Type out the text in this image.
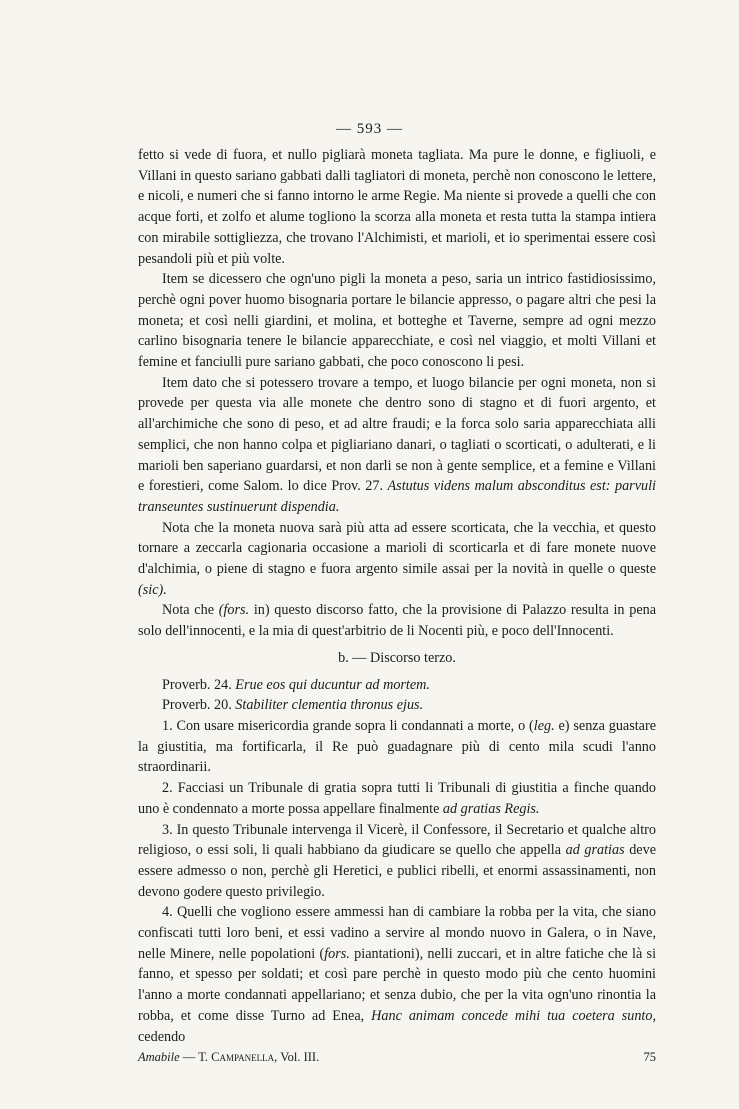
— 593 —

fetto si vede di fuora, et nullo pigliarà moneta tagliata. Ma pure le donne, e figliuoli, e Villani in questo sariano gabbati dalli tagliatori di moneta, perchè non conoscono le lettere, e nicoli, e numeri che si fanno intorno le arme Regie. Ma niente si provede a quelli che con acque forti, et zolfo et alume togliono la scorza alla moneta et resta tutta la stampa intiera con mirabile sottigliezza, che trovano l'Alchimisti, et marioli, et io sperimentai essere così pesandoli più et più volte.

Item se dicessero che ogn'uno pigli la moneta a peso, saria un intrico fastidiosissimo, perchè ogni pover huomo bisognaria portare le bilancie appresso, o pagare altri che pesi la moneta; et così nelli giardini, et molina, et botteghe et Taverne, sempre ad ogni mezzo carlino bisognaria tenere le bilancie apparecchiate, e così nel viaggio, et molti Villani et femine et fanciulli pure sariano gabbati, che poco conoscono li pesi.

Item dato che si potessero trovare a tempo, et luogo bilancie per ogni moneta, non si provede per questa via alle monete che dentro sono di stagno et di fuori argento, et all'archimiche che sono di peso, et ad altre fraudi; e la forca solo saria apparecchiata alli semplici, che non hanno colpa et pigliariano danari, o tagliati o scorticati, o adulterati, e li marioli ben saperiano guardarsi, et non darli se non à gente semplice, et a femine e Villani e forestieri, come Salom. lo dice Prov. 27. Astutus videns malum absconditus est: parvuli transeuntes sustinuerunt dispendia.

Nota che la moneta nuova sarà più atta ad essere scorticata, che la vecchia, et questo tornare a zeccarla cagionaria occasione a marioli di scorticarla et di fare monete nuove d'alchimia, o piene di stagno e fuora argento simile assai per la novità in quelle o queste (sic).

Nota che (fors. in) questo discorso fatto, che la provisione di Palazzo resulta in pena solo dell'innocenti, e la mia di quest'arbitrio de li Nocenti più, e poco dell'Innocenti.

b. — Discorso terzo.

Proverb. 24. Erue eos qui ducuntur ad mortem.

Proverb. 20. Stabiliter clementia thronus ejus.

1. Con usare misericordia grande sopra li condannati a morte, o (leg. e) senza guastare la giustitia, ma fortificarla, il Re può guadagnare più di cento mila scudi l'anno straordinarii.

2. Facciasi un Tribunale di gratia sopra tutti li Tribunali di giustitia a finche quando uno è condennato a morte possa appellare finalmente ad gratias Regis.

3. In questo Tribunale intervenga il Vicerè, il Confessore, il Secretario et qualche altro religioso, o essi soli, li quali habbiano da giudicare se quello che appella ad gratias deve essere admesso o non, perchè gli Heretici, e publici ribelli, et enormi assassinamenti, non devono godere questo privilegio.

4. Quelli che vogliono essere ammessi han di cambiare la robba per la vita, che siano confiscati tutti loro beni, et essi vadino a servire al mondo nuovo in Galera, o in Nave, nelle Minere, nelle popolationi (fors. piantationi), nelli zuccari, et in altre fatiche che là si fanno, et spesso per soldati; et così pare perchè in questo modo più che cento huomini l'anno a morte condannati appellariano; et senza dubio, che per la vita ogn'uno rinontia la robba, et come disse Turno ad Enea, Hanc animam concede mihi tua coetera sunto, cedendo

Amabile — T. Campanella, Vol. III.	75
